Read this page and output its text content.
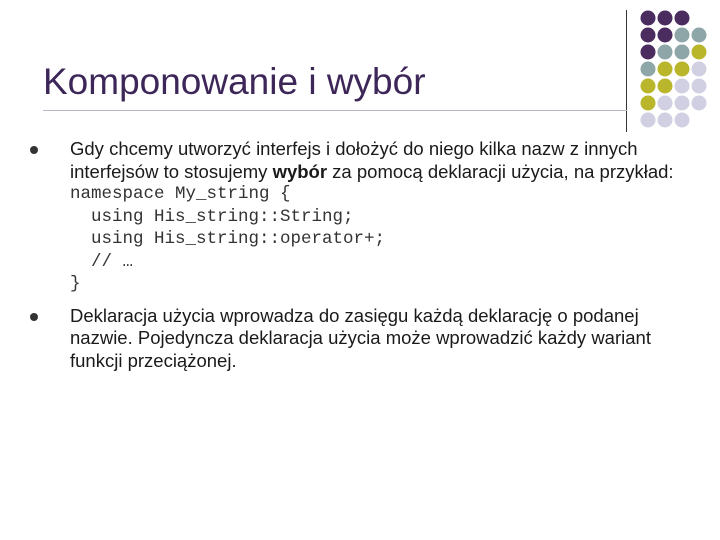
Komponowanie i wybór
Gdy chcemy utworzyć interfejs i dołożyć do niego kilka nazw z innych interfejsów to stosujemy wybór za pomocą deklaracji użycia, na przykład:
namespace My_string {
using His_string::String;
using His_string::operator+;
// …
}
Deklaracja użycia wprowadza do zasięgu każdą deklarację o podanej nazwie. Pojedyncza deklaracja użycia może wprowadzić każdy wariant funkcji przeciążonej.
